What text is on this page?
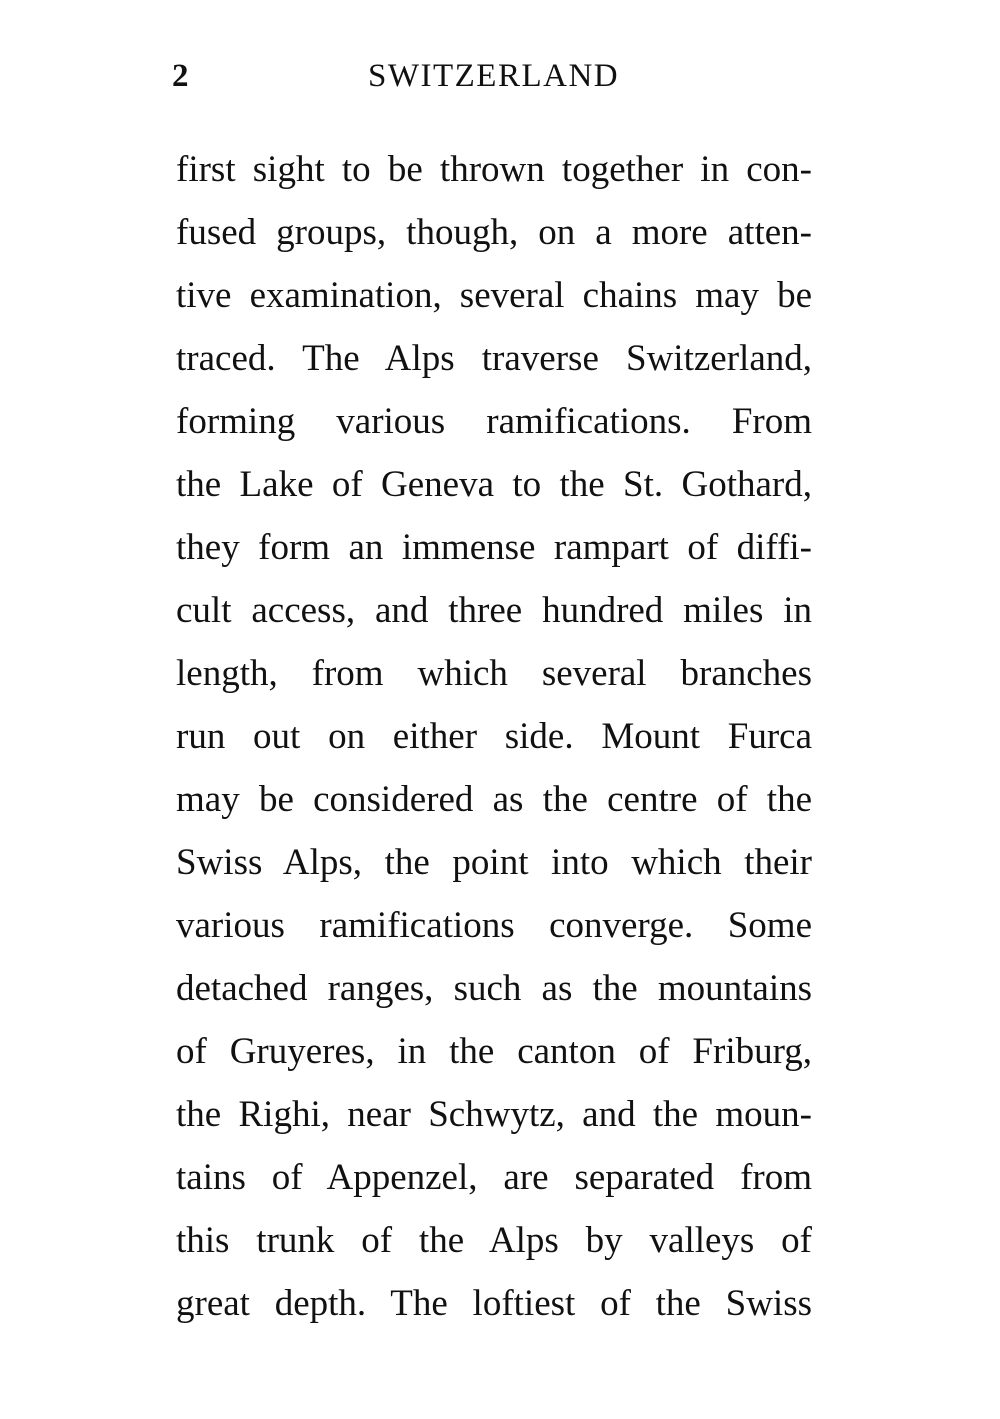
2	SWITZERLAND
first sight to be thrown together in con-
fused groups, though, on a more atten-
tive examination, several chains may be
traced. The Alps traverse Switzerland,
forming various ramifications. From
the Lake of Geneva to the St. Gothard,
they form an immense rampart of diffi-
cult access, and three hundred miles in
length, from which several branches
run out on either side. Mount Furca
may be considered as the centre of the
Swiss Alps, the point into which their
various ramifications converge. Some
detached ranges, such as the mountains
of Gruyeres, in the canton of Friburg,
the Righi, near Schwytz, and the moun-
tains of Appenzel, are separated from
this trunk of the Alps by valleys of
great depth. The loftiest of the Swiss
